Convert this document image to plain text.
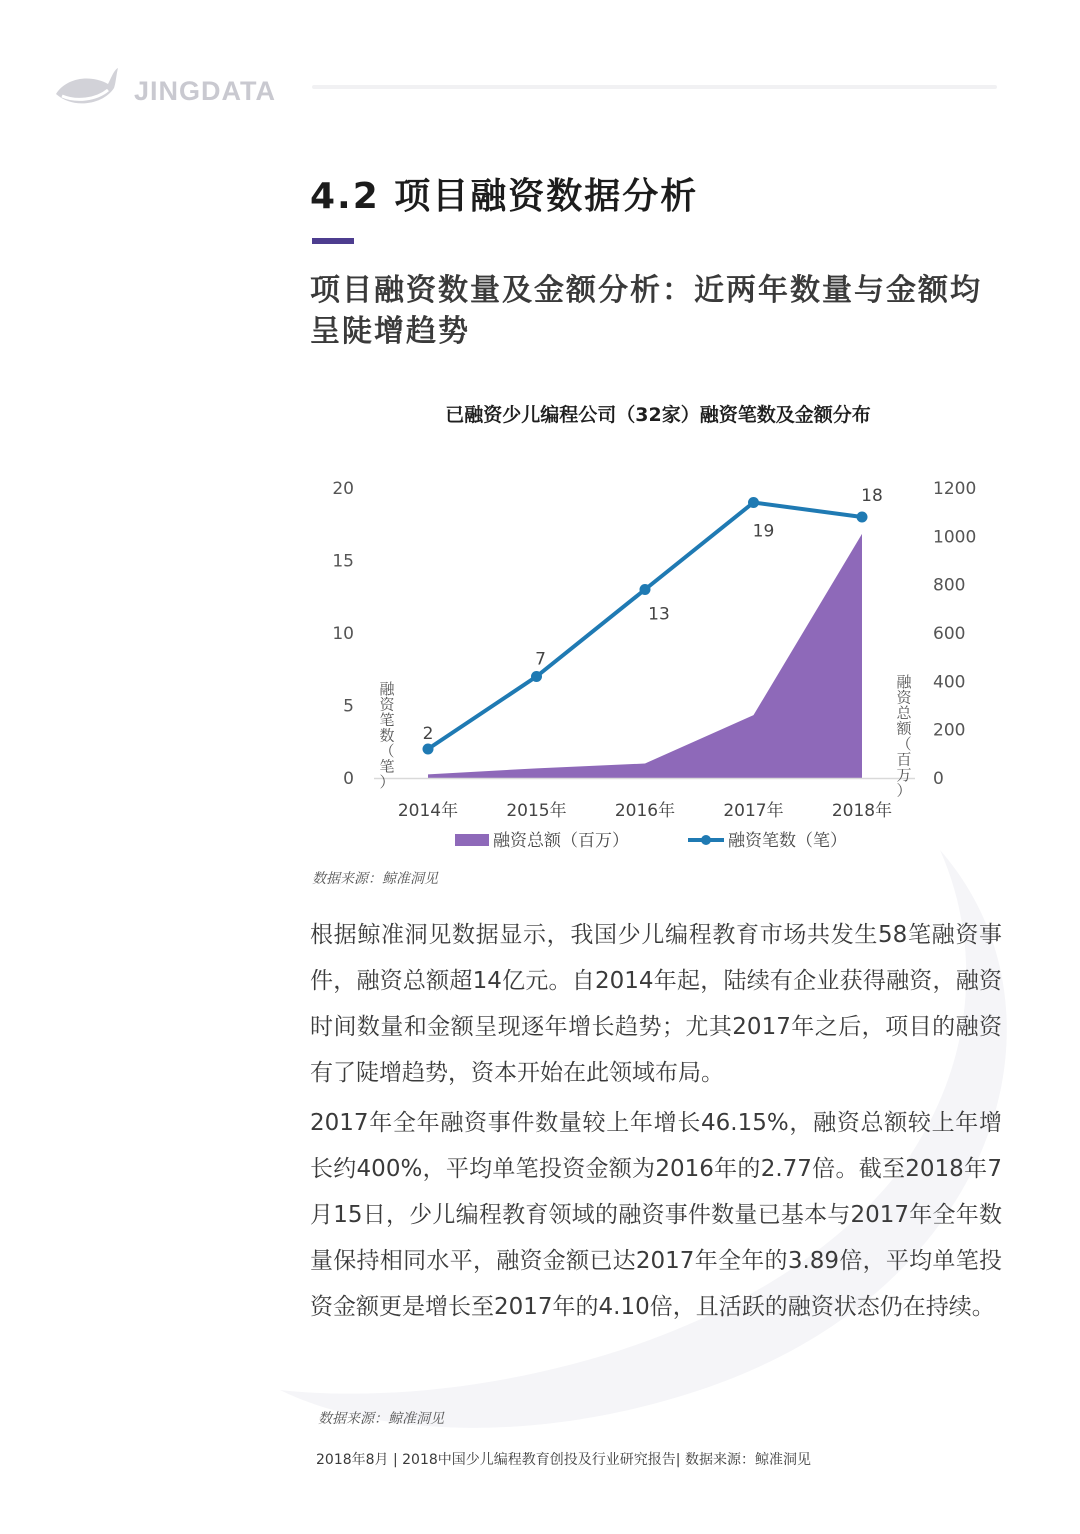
JINGDATA
4.2 项目融资数据分析
项目融资数量及金额分析：近两年数量与金额均呈陡增趋势
已融资少儿编程公司（32家）融资笔数及金额分布
0
5
10
15
20
0
200
400
600
800
1000
1200
融资笔数（笔）
融资总额（百万）
2014年	2015年	2016年	2017年	2018年
2
7
13
19
18
融资总额（百万）	融资笔数（笔）
数据来源：鲸准洞见

根据鲸准洞见数据显示，我国少儿编程教育市场共发生58笔融资事件，融资总额超14亿元。自2014年起，陆续有企业获得融资，融资时间数量和金额呈现逐年增长趋势；尤其2017年之后，项目的融资有了陡增趋势，资本开始在此领域布局。

2017年全年融资事件数量较上年增长46.15%，融资总额较上年增长约400%，平均单笔投资金额为2016年的2.77倍。截至2018年7月15日，少儿编程教育领域的融资事件数量已基本与2017年全年数量保持相同水平，融资金额已达2017年全年的3.89倍，平均单笔投资金额更是增长至2017年的4.10倍，且活跃的融资状态仍在持续。

数据来源：鲸准洞见
2018年8月 | 2018中国少儿编程教育创投及行业研究报告| 数据来源：鲸准洞见
